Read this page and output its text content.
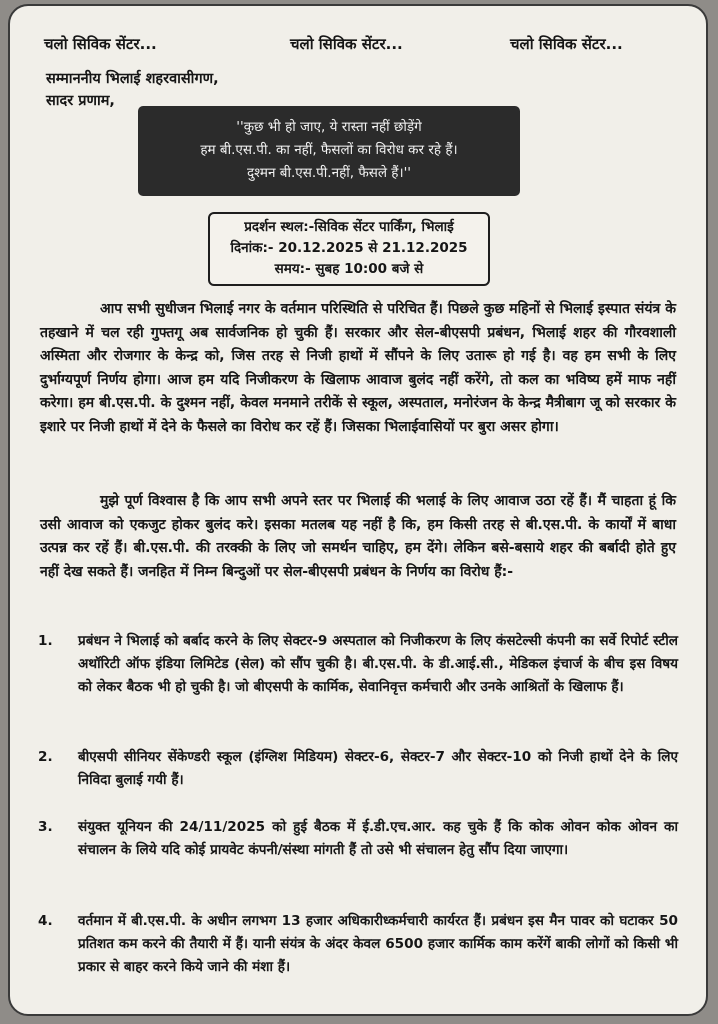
चलो सिविक सेंटर...	चलो सिविक सेंटर...	चलो सिविक सेंटर...
सम्माननीय भिलाई शहरवासीगण,
सादर प्रणाम,
''कुछ भी हो जाए, ये रास्ता नहीं छोड़ेंगे
हम बी.एस.पी. का नहीं, फैसलों का विरोध कर रहे हैं।
दुश्मन बी.एस.पी.नहीं, फैसले हैं।''
प्रदर्शन स्थल:-सिविक सेंटर पार्किंग, भिलाई
दिनांक:- 20.12.2025 से 21.12.2025
समय:- सुबह 10:00 बजे से
आप सभी सुधीजन भिलाई नगर के वर्तमान परिस्थिति से परिचित हैं। पिछले कुछ महिनों से भिलाई इस्पात संयंत्र के तहखाने में चल रही गुफ्तगू अब सार्वजनिक हो चुकी हैं। सरकार और सेल-बीएसपी प्रबंधन, भिलाई शहर की गौरवशाली अस्मिता और रोजगार के केन्द्र को, जिस तरह से निजी हाथों में सौंपने के लिए उतारू हो गई है। वह हम सभी के लिए दुर्भाग्यपूर्ण निर्णय होगा। आज हम यदि निजीकरण के खिलाफ आवाज बुलंद नहीं करेंगे, तो कल का भविष्य हमें माफ नहीं करेगा। हम बी.एस.पी. के दुश्मन नहीं, केवल मनमाने तरीकें से स्कूल, अस्पताल, मनोरंजन के केन्द्र मैत्रीबाग जू को सरकार के इशारे पर निजी हाथों में देने के फैसले का विरोध कर रहें हैं। जिसका भिलाईवासियों पर बुरा असर होगा।
मुझे पूर्ण विश्वास है कि आप सभी अपने स्तर पर भिलाई की भलाई के लिए आवाज उठा रहें हैं। मैं चाहता हूं कि उसी आवाज को एकजुट होकर बुलंद करे। इसका मतलब यह नहीं है कि, हम किसी तरह से बी.एस.पी. के कार्यों में बाधा उत्पन्न कर रहें हैं। बी.एस.पी. की तरक्की के लिए जो समर्थन चाहिए, हम देंगे। लेकिन बसे-बसाये शहर की बर्बादी होते हुए नहीं देख सकते हैं। जनहित में निम्न बिन्दुओं पर सेल-बीएसपी प्रबंधन के निर्णय का विरोध हैं:-
1.	प्रबंधन ने भिलाई को बर्बाद करने के लिए सेक्टर-9 अस्पताल को निजीकरण के लिए कंसटेल्सी कंपनी का सर्वे रिपोर्ट स्टील अथॉरिटी ऑफ इंडिया लिमिटेड (सेल) को सौंप चुकी है। बी.एस.पी. के डी.आई.सी., मेडिकल इंचार्ज के बीच इस विषय को लेकर बैठक भी हो चुकी है। जो बीएसपी के कार्मिक, सेवानिवृत्त कर्मचारी और उनके आश्रितों के खिलाफ हैं।
2.	बीएसपी सीनियर सेंकेण्डरी स्कूल (इंग्लिश मिडियम) सेक्टर-6, सेक्टर-7 और सेक्टर-10 को निजी हाथों देने के लिए निविदा बुलाई गयी हैं।
3.	संयुक्त यूनियन की 24/11/2025 को हुई बैठक में ई.डी.एच.आर. कह चुके हैं कि कोक ओवन कोक ओवन का संचालन के लिये यदि कोई प्रायवेट कंपनी/संस्था मांगती हैं तो उसे भी संचालन हेतु सौंप दिया जाएगा।
4.	वर्तमान में बी.एस.पी. के अधीन लगभग 13 हजार अधिकारीध्कर्मचारी कार्यरत हैं। प्रबंधन इस मैन पावर को घटाकर 50 प्रतिशत कम करने की तैयारी में हैं। यानी संयंत्र के अंदर केवल 6500 हजार कार्मिक काम करेंगें बाकी लोगों को किसी भी प्रकार से बाहर करने किये जाने की मंशा हैं।
